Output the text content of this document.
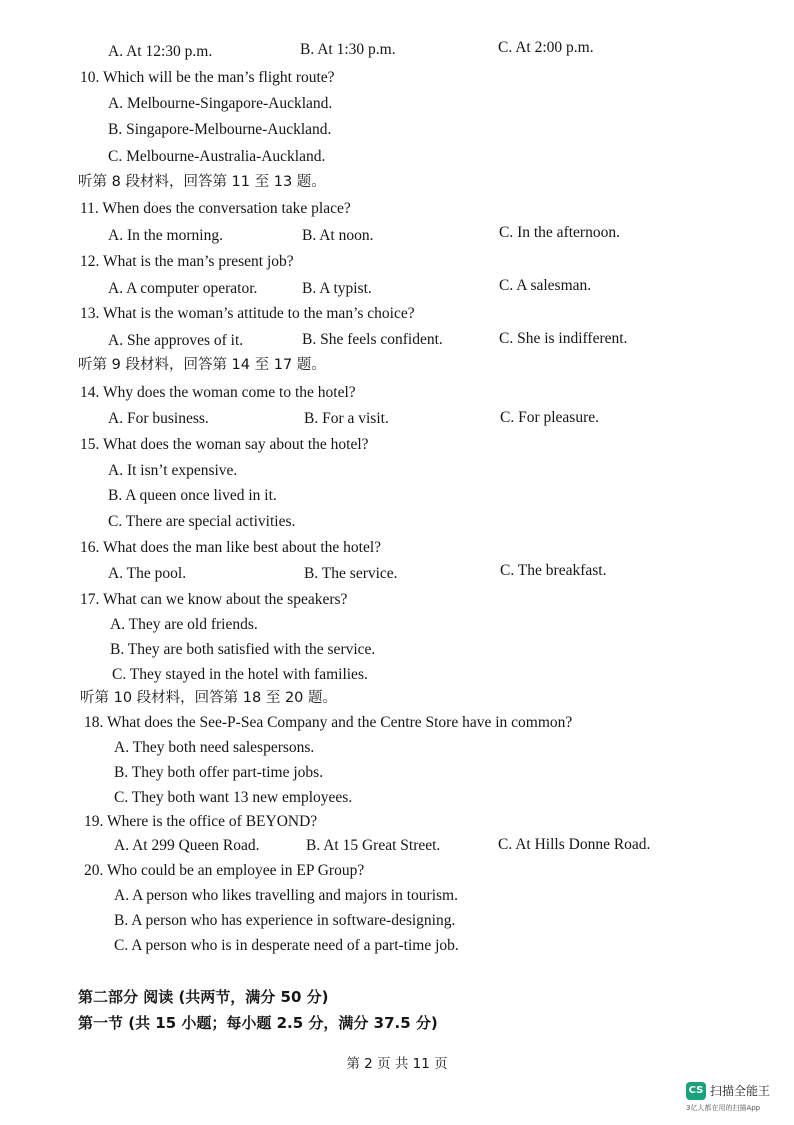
A. At 12:30 p.m.	B. At 1:30 p.m.	C. At 2:00 p.m.
10. Which will be the man’s flight route?
A. Melbourne-Singapore-Auckland.
B. Singapore-Melbourne-Auckland.
C. Melbourne-Australia-Auckland.
听第 8 段材料，回答第 11 至 13 题。
11. When does the conversation take place?
A. In the morning.	B. At noon.	C. In the afternoon.
12. What is the man’s present job?
A. A computer operator.	B. A typist.	C. A salesman.
13. What is the woman’s attitude to the man’s choice?
A. She approves of it.	B. She feels confident.	C. She is indifferent.
听第 9 段材料，回答第 14 至 17 题。
14. Why does the woman come to the hotel?
A. For business.	B. For a visit.	C. For pleasure.
15. What does the woman say about the hotel?
A. It isn’t expensive.
B. A queen once lived in it.
C. There are special activities.
16. What does the man like best about the hotel?
A. The pool.	B. The service.	C. The breakfast.
17. What can we know about the speakers?
A. They are old friends.
B. They are both satisfied with the service.
C. They stayed in the hotel with families.
听第 10 段材料，回答第 18 至 20 题。
18. What does the See-P-Sea Company and the Centre Store have in common?
A. They both need salespersons.
B. They both offer part-time jobs.
C. They both want 13 new employees.
19. Where is the office of BEYOND?
A. At 299 Queen Road.	B. At 15 Great Street.	C. At Hills Donne Road.
20. Who could be an employee in EP Group?
A. A person who likes travelling and majors in tourism.
B. A person who has experience in software-designing.
C. A person who is in desperate need of a part-time job.
第二部分 阅读 (共两节，满分 50 分)
第一节 (共 15 小题；每小题 2.5 分，满分 37.5 分)
第 2 页 共 11 页
CS 扫描全能王
3亿人都在用的扫描App
